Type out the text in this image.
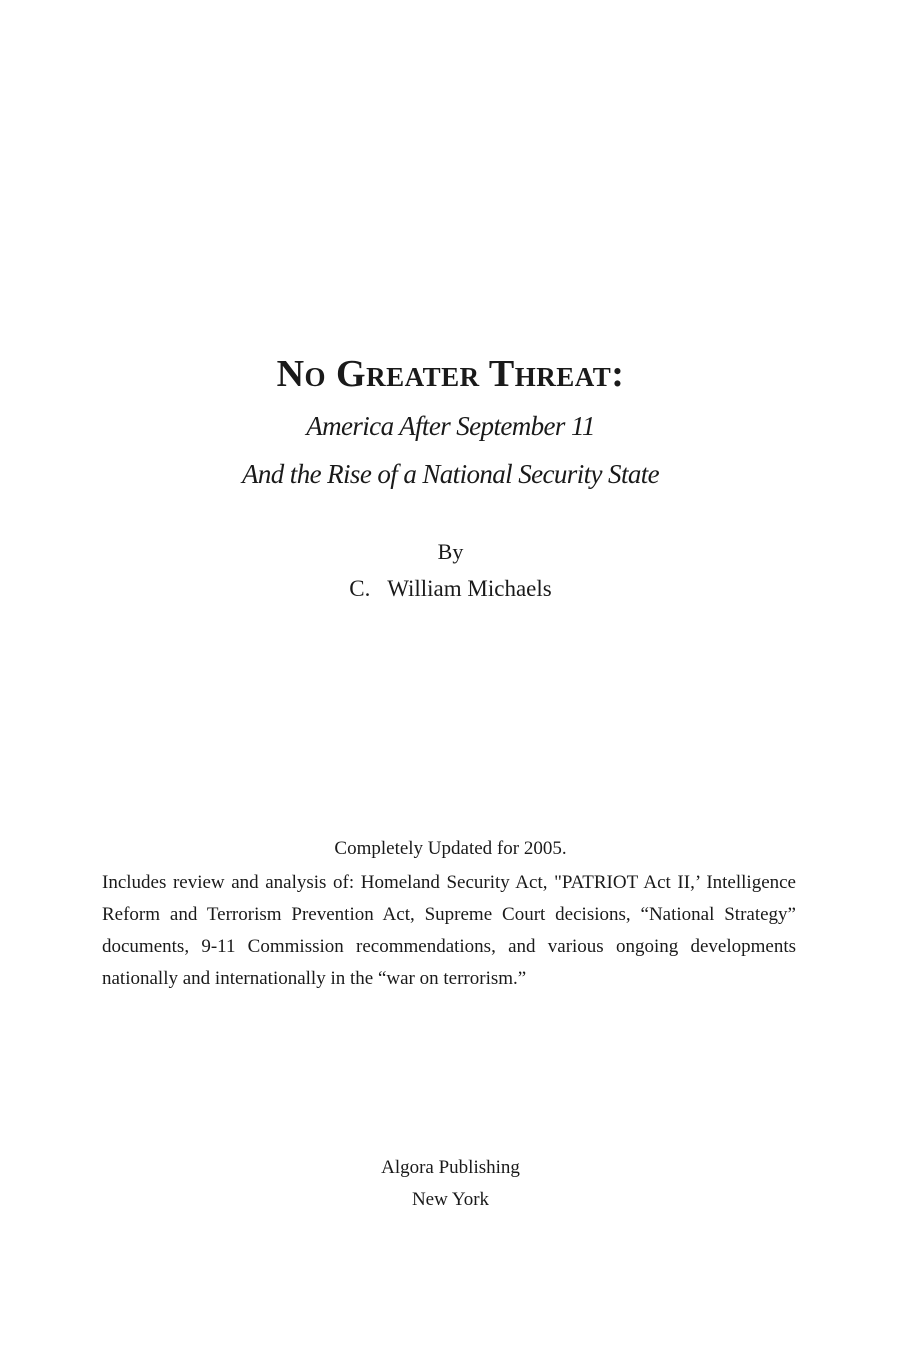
No Greater Threat:

America After September 11

And the Rise of a National Security State

By

C.   William Michaels

Completely Updated for 2005.

Includes review and analysis of: Homeland Security Act, "PATRIOT Act II,’ Intelligence Reform and Terrorism Prevention Act, Supreme Court decisions, “National Strategy” documents, 9-11 Commission recommendations, and various ongoing developments nationally and internationally in the “war on terrorism.”

Algora Publishing

New York
